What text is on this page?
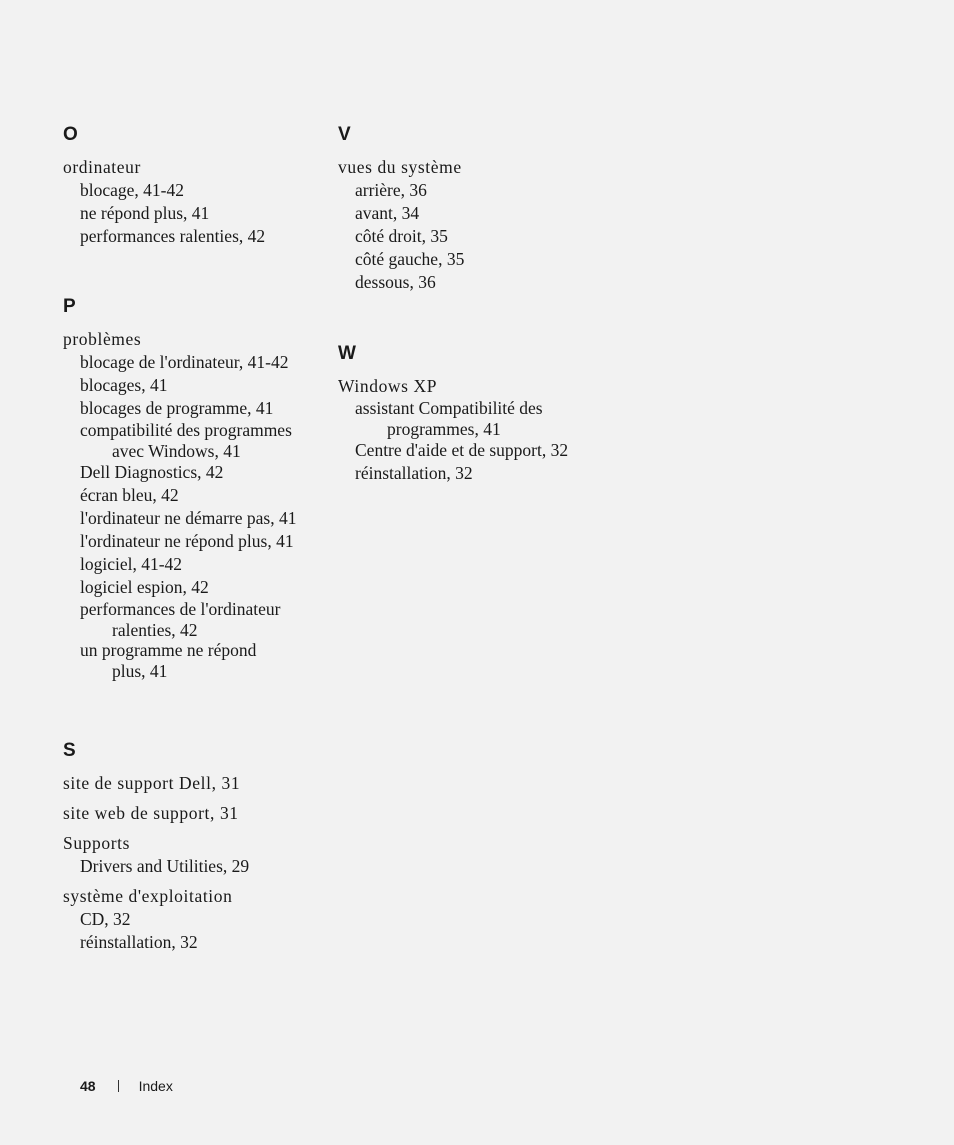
O
ordinateur
blocage, 41-42
ne répond plus, 41
performances ralenties, 42
P
problèmes
blocage de l'ordinateur, 41-42
blocages, 41
blocages de programme, 41
compatibilité des programmes
avec Windows, 41
Dell Diagnostics, 42
écran bleu, 42
l'ordinateur ne démarre pas, 41
l'ordinateur ne répond plus, 41
logiciel, 41-42
logiciel espion, 42
performances de l'ordinateur
ralenties, 42
un programme ne répond
plus, 41
S
site de support Dell, 31
site web de support, 31
Supports
Drivers and Utilities, 29
système d'exploitation
CD, 32
réinstallation, 32
V
vues du système
arrière, 36
avant, 34
côté droit, 35
côté gauche, 35
dessous, 36
W
Windows XP
assistant Compatibilité des
programmes, 41
Centre d'aide et de support, 32
réinstallation, 32
48	Index
